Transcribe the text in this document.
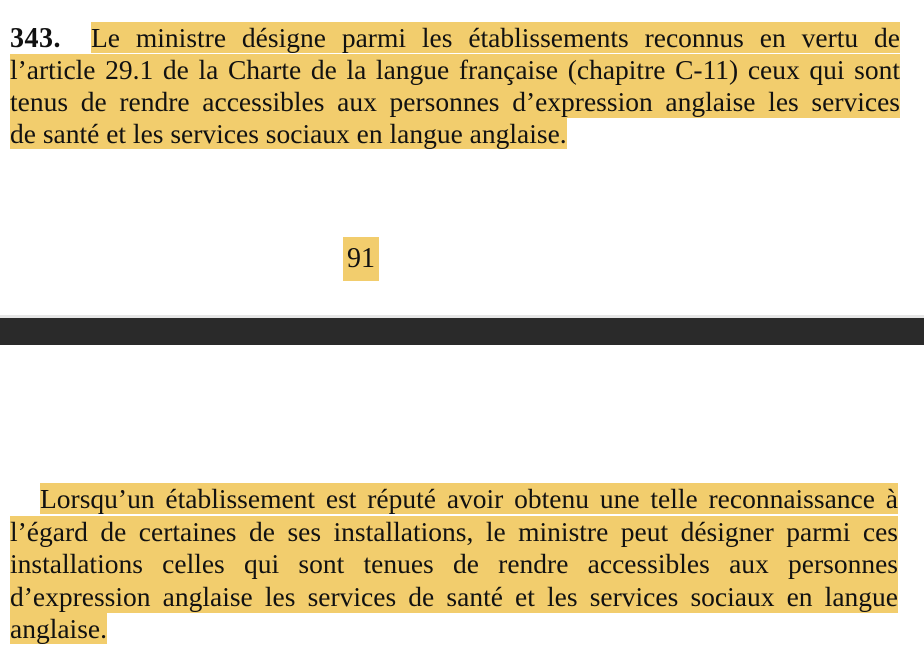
343. Le ministre désigne parmi les établissements reconnus en vertu de
l’article 29.1 de la Charte de la langue française (chapitre C-11) ceux qui sont
tenus de rendre accessibles aux personnes d’expression anglaise les services
de santé et les services sociaux en langue anglaise.
91
Lorsqu’un établissement est réputé avoir obtenu une telle reconnaissance à
l’égard de certaines de ses installations, le ministre peut désigner parmi ces
installations celles qui sont tenues de rendre accessibles aux personnes
d’expression anglaise les services de santé et les services sociaux en langue
anglaise.
